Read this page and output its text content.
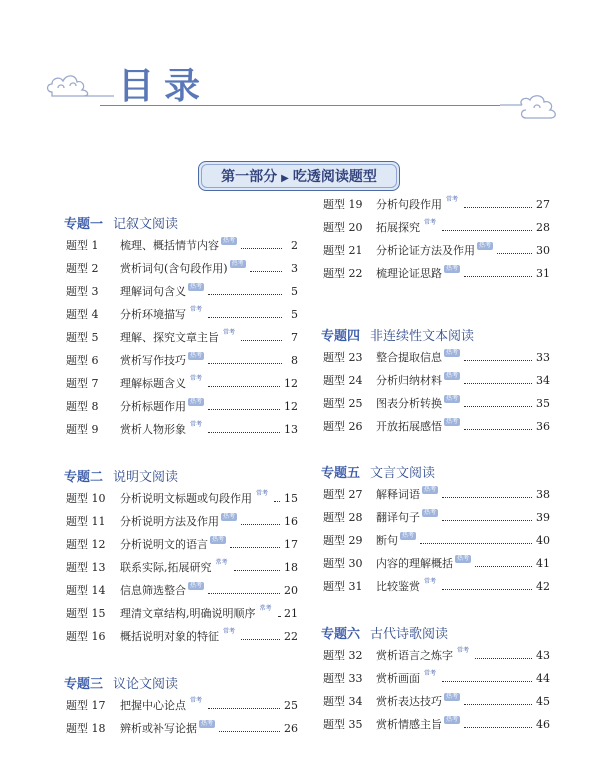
目录
第一部分 ▶ 吃透阅读题型
专题一 记叙文阅读
题型 1	梳理、概括情节内容 热考	2
题型 2	赏析词句(含句段作用) 热考	3
题型 3	理解词句含义 热考	5
题型 4	分析环境描写 常考	5
题型 5	理解、探究文章主旨 常考	7
题型 6	赏析写作技巧 热考	8
题型 7	理解标题含义 常考	12
题型 8	分析标题作用 热考	12
题型 9	赏析人物形象 常考	13
专题二 说明文阅读
题型 10	分析说明文标题或句段作用 常考 15
题型 11	分析说明方法及作用 热考	16
题型 12	分析说明文的语言 热考	17
题型 13	联系实际,拓展研究 常考	18
题型 14	信息筛选整合 热考	20
题型 15	理清文章结构,明确说明顺序 常考 21
题型 16	概括说明对象的特征 常考	22
专题三 议论文阅读
题型 17	把握中心论点 常考	25
题型 18	辨析或补写论据 热考	26
题型 19	分析句段作用 常考	27
题型 20	拓展探究 常考	28
题型 21	分析论证方法及作用 热考	30
题型 22	梳理论证思路 热考	31
专题四 非连续性文本阅读
题型 23	整合提取信息 热考	33
题型 24	分析归纳材料 热考	34
题型 25	图表分析转换 热考	35
题型 26	开放拓展感悟 热考	36
专题五 文言文阅读
题型 27	解释词语 热考	38
题型 28	翻译句子 热考	39
题型 29	断句 热考	40
题型 30	内容的理解概括 热考	41
题型 31	比较鉴赏 常考	42
专题六 古代诗歌阅读
题型 32	赏析语言之炼字 常考	43
题型 33	赏析画面 常考	44
题型 34	赏析表达技巧 热考	45
题型 35	赏析情感主旨 热考	46
